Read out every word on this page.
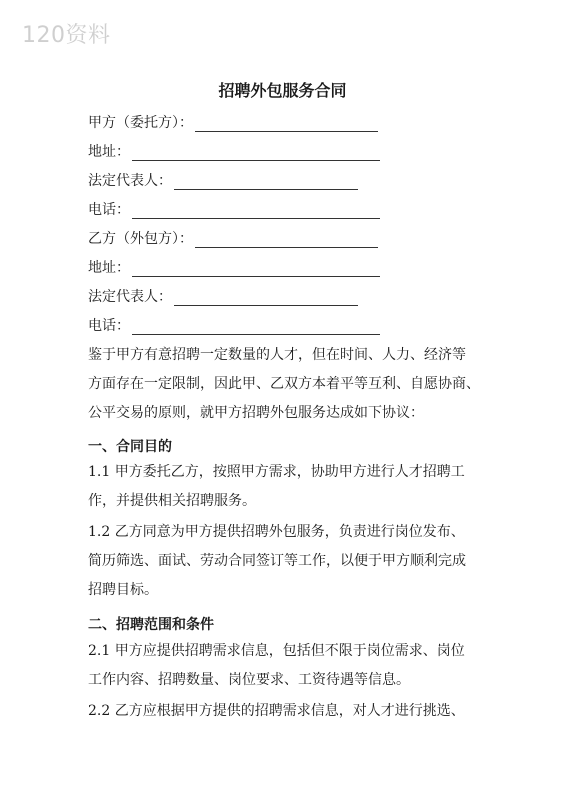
120资料
招聘外包服务合同
甲方（委托方）：
地址：
法定代表人：
电话：
乙方（外包方）：
地址：
法定代表人：
电话：
鉴于甲方有意招聘一定数量的人才，但在时间、人力、经济等
方面存在一定限制，因此甲、乙双方本着平等互利、自愿协商、
公平交易的原则，就甲方招聘外包服务达成如下协议：
一、合同目的
1.1 甲方委托乙方，按照甲方需求，协助甲方进行人才招聘工
作，并提供相关招聘服务。
1.2 乙方同意为甲方提供招聘外包服务，负责进行岗位发布、
简历筛选、面试、劳动合同签订等工作，以便于甲方顺利完成
招聘目标。
二、招聘范围和条件
2.1 甲方应提供招聘需求信息，包括但不限于岗位需求、岗位
工作内容、招聘数量、岗位要求、工资待遇等信息。
2.2 乙方应根据甲方提供的招聘需求信息，对人才进行挑选、
